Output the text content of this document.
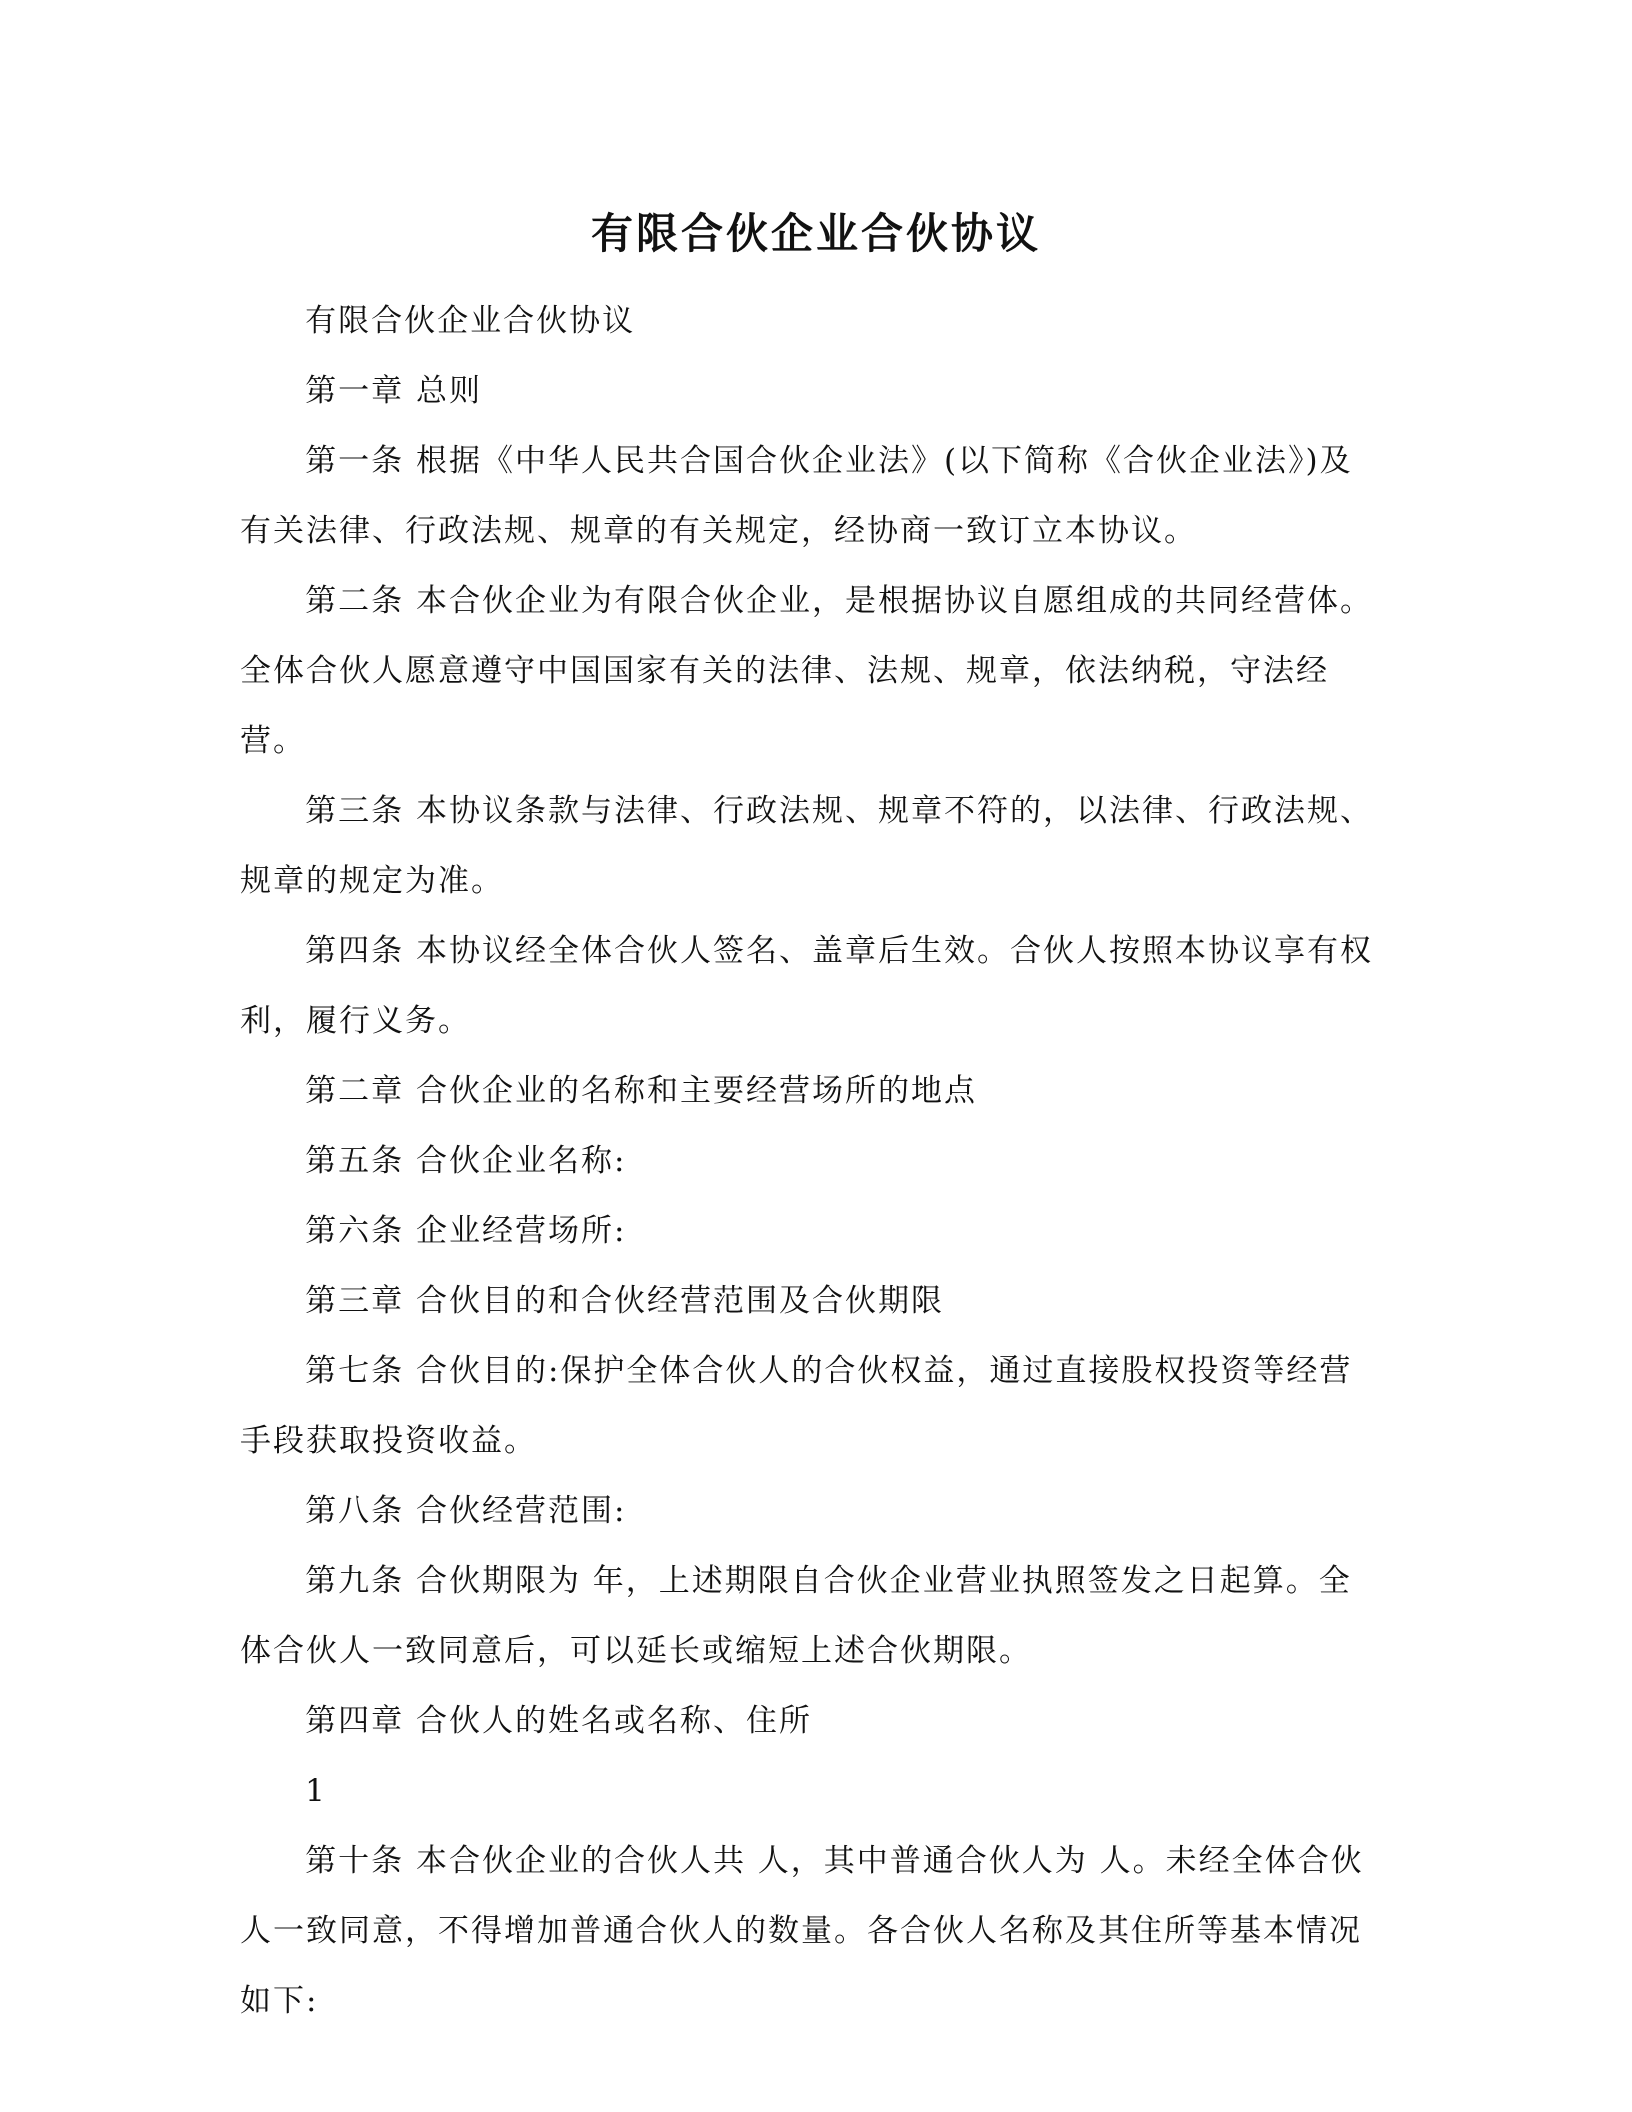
有限合伙企业合伙协议

有限合伙企业合伙协议

第一章 总则

第一条 根据《中华人民共合国合伙企业法》(以下简称《合伙企业法》)及有关法律、行政法规、规章的有关规定，经协商一致订立本协议。

第二条 本合伙企业为有限合伙企业，是根据协议自愿组成的共同经营体。全体合伙人愿意遵守中国国家有关的法律、法规、规章，依法纳税，守法经营。

第三条 本协议条款与法律、行政法规、规章不符的，以法律、行政法规、规章的规定为准。

第四条 本协议经全体合伙人签名、盖章后生效。合伙人按照本协议享有权利，履行义务。

第二章 合伙企业的名称和主要经营场所的地点

第五条 合伙企业名称:

第六条 企业经营场所:

第三章 合伙目的和合伙经营范围及合伙期限

第七条 合伙目的:保护全体合伙人的合伙权益，通过直接股权投资等经营手段获取投资收益。

第八条 合伙经营范围:

第九条 合伙期限为 年，上述期限自合伙企业营业执照签发之日起算。全体合伙人一致同意后，可以延长或缩短上述合伙期限。

第四章 合伙人的姓名或名称、住所

1

第十条 本合伙企业的合伙人共 人，其中普通合伙人为 人。未经全体合伙人一致同意，不得增加普通合伙人的数量。各合伙人名称及其住所等基本情况如下:
